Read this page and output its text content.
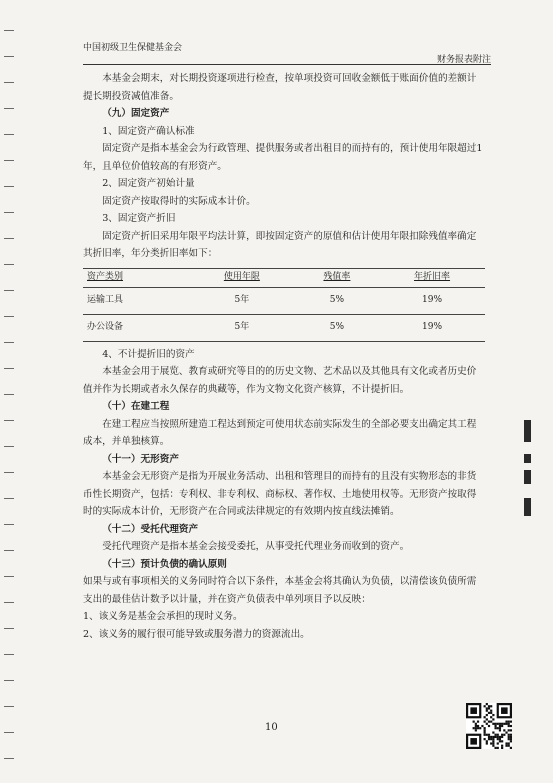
中国初级卫生保健基金会
财务报表附注

本基金会期末，对长期投资逐项进行检查，按单项投资可回收金额低于账面价值的差额计提长期投资减值准备。

（九）固定资产

1、固定资产确认标准

固定资产是指本基金会为行政管理、提供服务或者出租目的而持有的，预计使用年限超过1年，且单位价值较高的有形资产。

2、固定资产初始计量

固定资产按取得时的实际成本计价。

3、固定资产折旧

固定资产折旧采用年限平均法计算，即按固定资产的原值和估计使用年限扣除残值率确定其折旧率，年分类折旧率如下：

资产类别	使用年限	残值率	年折旧率
运输工具	5年	5%	19%
办公设备	5年	5%	19%

4、不计提折旧的资产

本基金会用于展览、教育或研究等目的的历史文物、艺术品以及其他具有文化或者历史价值并作为长期或者永久保存的典藏等，作为文物文化资产核算，不计提折旧。

（十）在建工程

在建工程应当按照所建造工程达到预定可使用状态前实际发生的全部必要支出确定其工程成本，并单独核算。

（十一）无形资产

本基金会无形资产是指为开展业务活动、出租和管理目的而持有的且没有实物形态的非货币性长期资产，包括：专利权、非专利权、商标权、著作权、土地使用权等。无形资产按取得时的实际成本计价，无形资产在合同或法律规定的有效期内按直线法摊销。

（十二）受托代理资产

受托代理资产是指本基金会接受委托，从事受托代理业务而收到的资产。

（十三）预计负债的确认原则

如果与或有事项相关的义务同时符合以下条件，本基金会将其确认为负债，以清偿该负债所需支出的最佳估计数予以计量，并在资产负债表中单列项目予以反映：

1、该义务是基金会承担的现时义务。

2、该义务的履行很可能导致或服务潜力的资源流出。

10
